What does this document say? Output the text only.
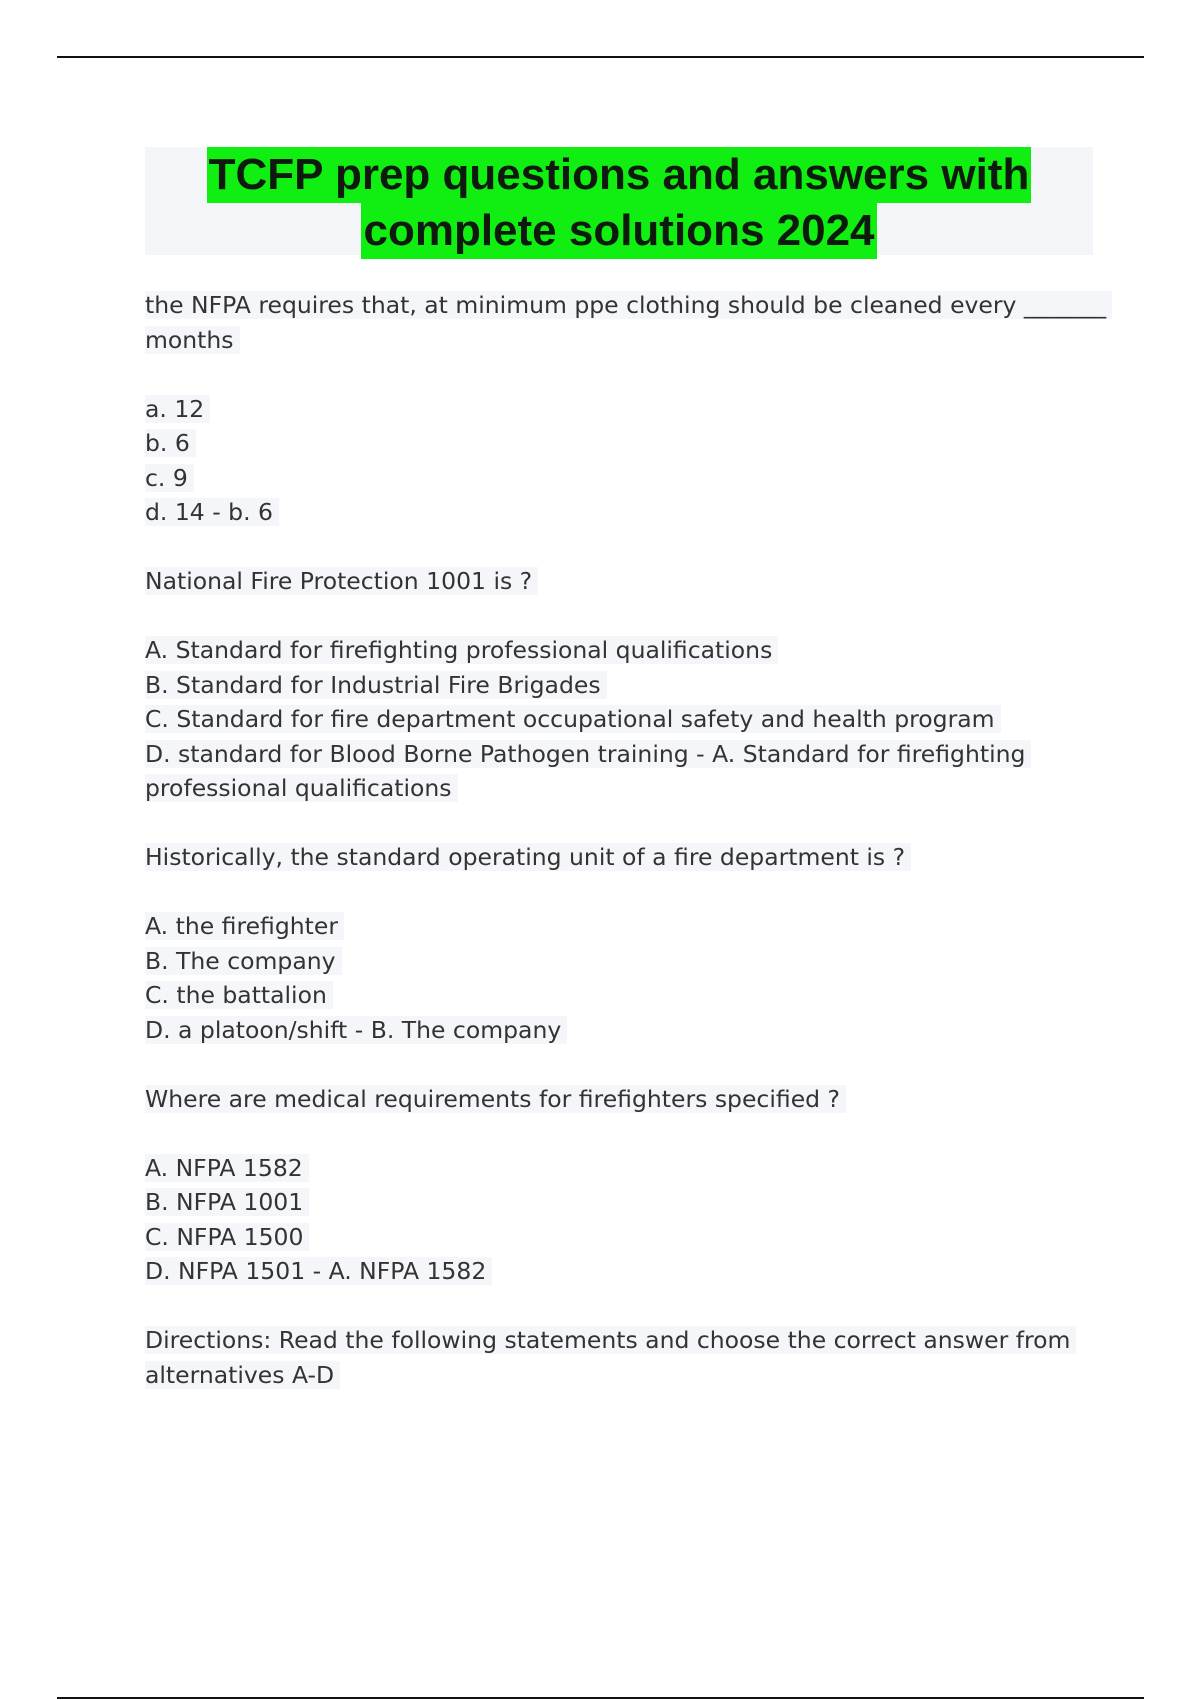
TCFP prep questions and answers with
complete solutions 2024
the NFPA requires that, at minimum ppe clothing should be cleaned every _______
months
a. 12
b. 6
c. 9
d. 14 - b. 6
National Fire Protection 1001 is ?
A. Standard for firefighting professional qualifications
B. Standard for Industrial Fire Brigades
C. Standard for fire department occupational safety and health program
D. standard for Blood Borne Pathogen training - A. Standard for firefighting
professional qualifications
Historically, the standard operating unit of a fire department is ?
A. the firefighter
B. The company
C. the battalion
D. a platoon/shift - B. The company
Where are medical requirements for firefighters specified ?
A. NFPA 1582
B. NFPA 1001
C. NFPA 1500
D. NFPA 1501 - A. NFPA 1582
Directions: Read the following statements and choose the correct answer from
alternatives A-D
